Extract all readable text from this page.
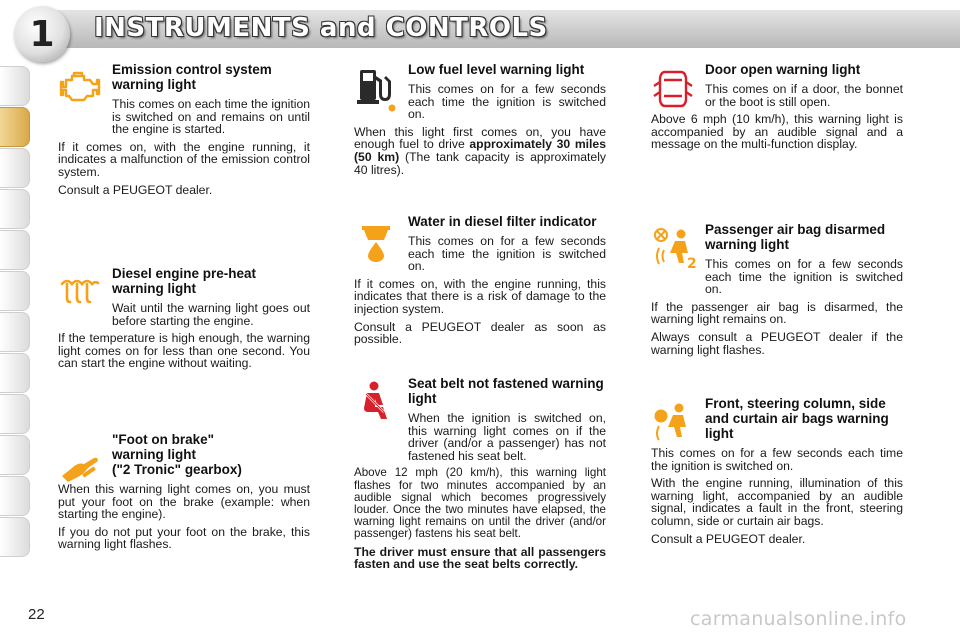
1	INSTRUMENTS and CONTROLS
Emission control system warning light

This comes on each time the ignition is switched on and remains on until the engine is started.

If it comes on, with the engine running, it indicates a malfunction of the emission control system.

Consult a PEUGEOT dealer.

Diesel engine pre-heat warning light

Wait until the warning light goes out before starting the engine.

If the temperature is high enough, the warning light comes on for less than one second. You can start the engine without waiting.

"Foot on brake"
warning light
("2 Tronic" gearbox)

When this warning light comes on, you must put your foot on the brake (example: when starting the engine).

If you do not put your foot on the brake, this warning light flashes.

Low fuel level warning light

This comes on for a few seconds each time the ignition is switched on.

When this light first comes on, you have enough fuel to drive approximately 30 miles (50 km) (The tank capacity is approximately 40 litres).

Water in diesel filter indicator

This comes on for a few seconds each time the ignition is switched on.

If it comes on, with the engine running, this indicates that there is a risk of damage to the injection system.

Consult a PEUGEOT dealer as soon as possible.

Seat belt not fastened warning light

When the ignition is switched on, this warning light comes on if the driver (and/or a passenger) has not fastened his seat belt.

Above 12 mph (20 km/h), this warning light flashes for two minutes accompanied by an audible signal which becomes progressively louder. Once the two minutes have elapsed, the warning light remains on until the driver (and/or passenger) fastens his seat belt.

The driver must ensure that all passengers fasten and use the seat belts correctly.

Door open warning light

This comes on if a door, the bonnet or the boot is still open.

Above 6 mph (10 km/h), this warning light is accompanied by an audible signal and a message on the multi-function display.

2
Passenger air bag disarmed warning light

This comes on for a few seconds each time the ignition is switched on.

If the passenger air bag is disarmed, the warning light remains on.

Always consult a PEUGEOT dealer if the warning light flashes.

Front, steering column, side and curtain air bags warning light

This comes on for a few seconds each time the ignition is switched on.

With the engine running, illumination of this warning light, accompanied by an audible signal, indicates a fault in the front, steering column, side or curtain air bags.

Consult a PEUGEOT dealer.

22	carmanualsonline.info
